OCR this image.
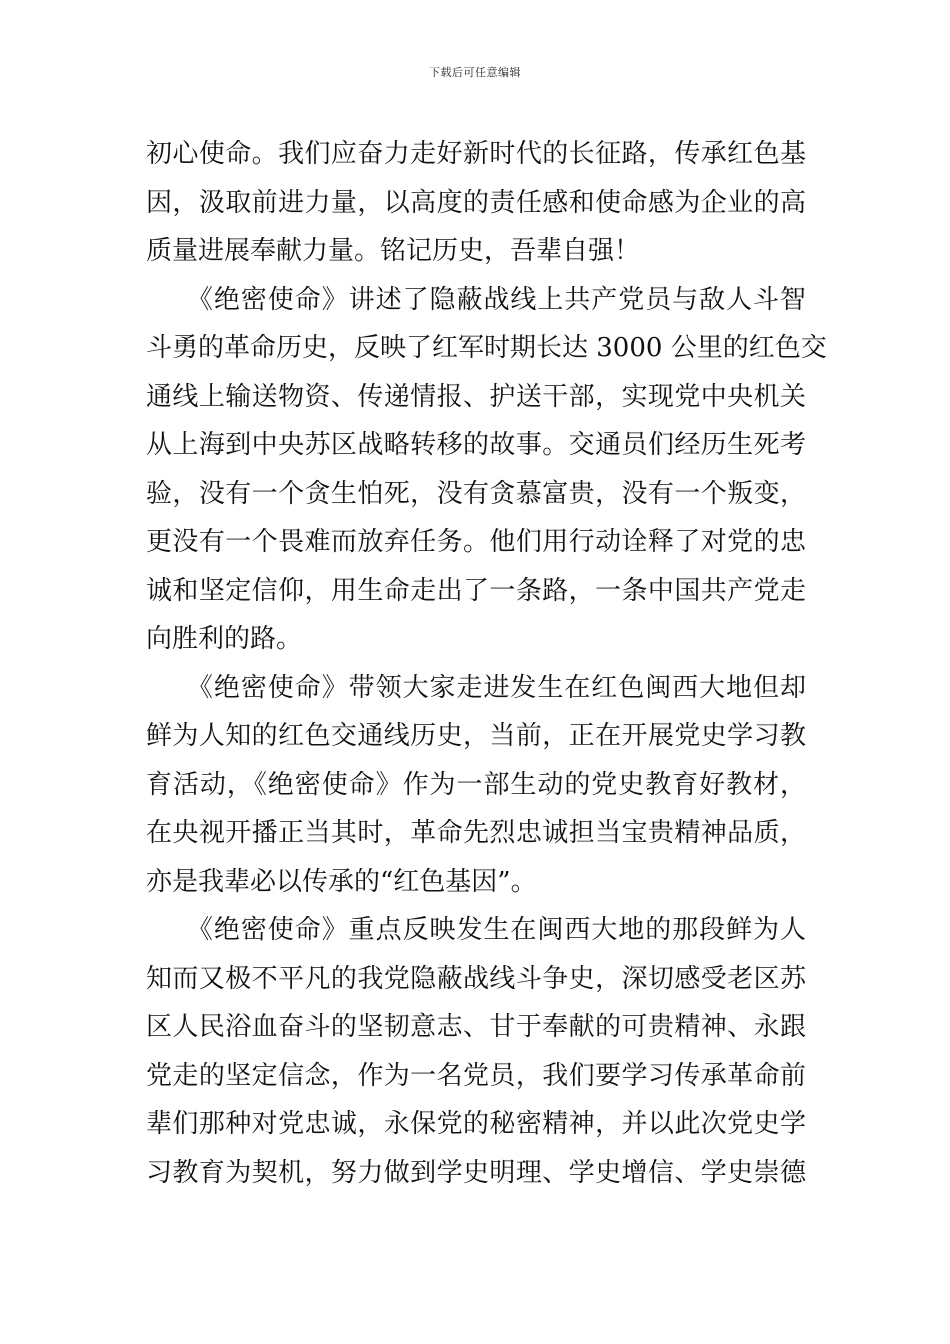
下载后可任意编辑
初心使命。我们应奋力走好新时代的长征路，传承红色基
因，汲取前进力量，以高度的责任感和使命感为企业的高
质量进展奉献力量。铭记历史，吾辈自强！
　　《绝密使命》讲述了隐蔽战线上共产党员与敌人斗智
斗勇的革命历史，反映了红军时期长达 3000 公里的红色交
通线上输送物资、传递情报、护送干部，实现党中央机关
从上海到中央苏区战略转移的故事。交通员们经历生死考
验，没有一个贪生怕死，没有贪慕富贵，没有一个叛变，
更没有一个畏难而放弃任务。他们用行动诠释了对党的忠
诚和坚定信仰，用生命走出了一条路，一条中国共产党走
向胜利的路。
　　《绝密使命》带领大家走进发生在红色闽西大地但却
鲜为人知的红色交通线历史，当前，正在开展党史学习教
育活动，《绝密使命》作为一部生动的党史教育好教材，
在央视开播正当其时，革命先烈忠诚担当宝贵精神品质，
亦是我辈必以传承的“红色基因”。
　　《绝密使命》重点反映发生在闽西大地的那段鲜为人
知而又极不平凡的我党隐蔽战线斗争史，深切感受老区苏
区人民浴血奋斗的坚韧意志、甘于奉献的可贵精神、永跟
党走的坚定信念，作为一名党员，我们要学习传承革命前
辈们那种对党忠诚，永保党的秘密精神，并以此次党史学
习教育为契机，努力做到学史明理、学史增信、学史崇德
